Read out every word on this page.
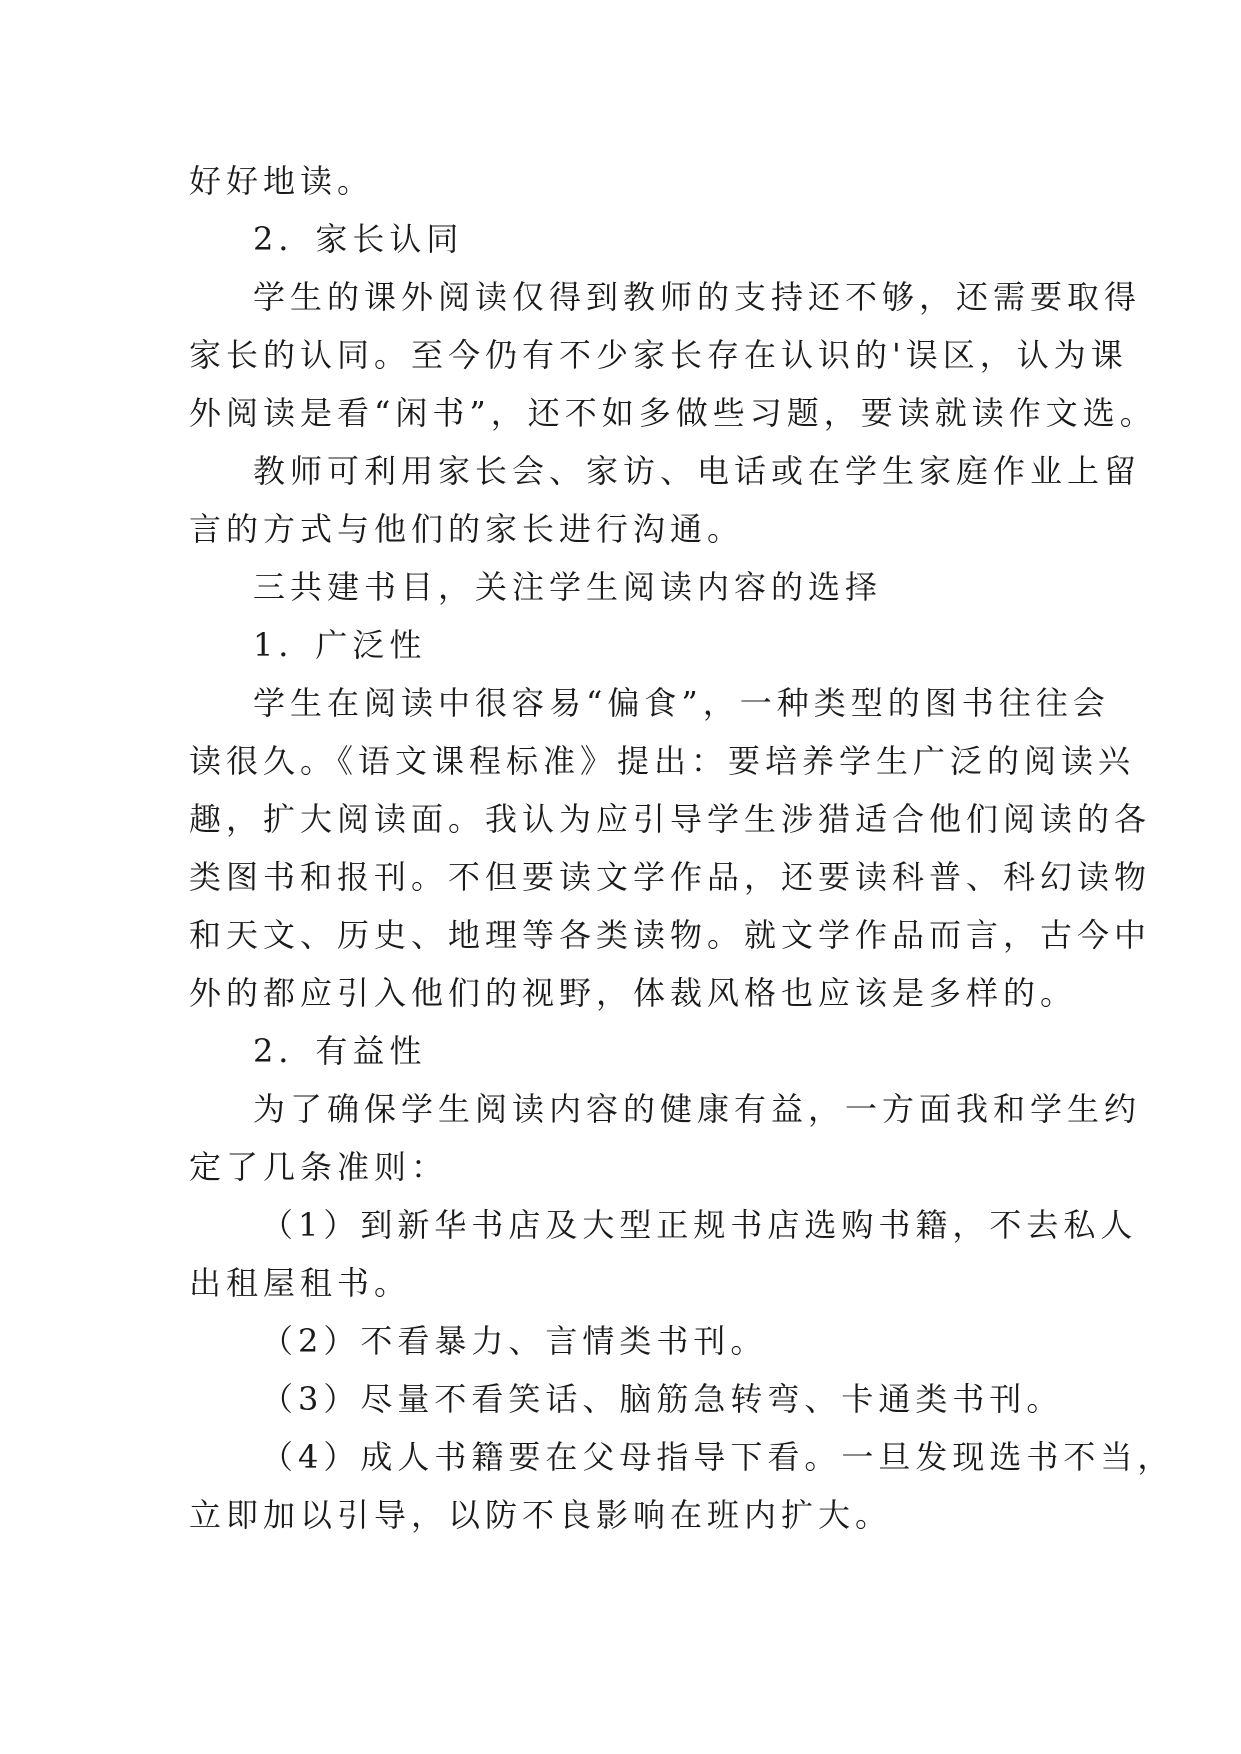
好好地读。
2．家长认同
学生的课外阅读仅得到教师的支持还不够，还需要取得
家长的认同。至今仍有不少家长存在认识的'误区，认为课
外阅读是看“闲书”，还不如多做些习题，要读就读作文选。
教师可利用家长会、家访、电话或在学生家庭作业上留
言的方式与他们的家长进行沟通。
三共建书目，关注学生阅读内容的选择
1．广泛性
学生在阅读中很容易“偏食”，一种类型的图书往往会
读很久。《语文课程标准》提出：要培养学生广泛的阅读兴
趣，扩大阅读面。我认为应引导学生涉猎适合他们阅读的各
类图书和报刊。不但要读文学作品，还要读科普、科幻读物
和天文、历史、地理等各类读物。就文学作品而言，古今中
外的都应引入他们的视野，体裁风格也应该是多样的。
2．有益性
为了确保学生阅读内容的健康有益，一方面我和学生约
定了几条准则：
（1）到新华书店及大型正规书店选购书籍，不去私人
出租屋租书。
（2）不看暴力、言情类书刊。
（3）尽量不看笑话、脑筋急转弯、卡通类书刊。
（4）成人书籍要在父母指导下看。一旦发现选书不当，
立即加以引导，以防不良影响在班内扩大。
